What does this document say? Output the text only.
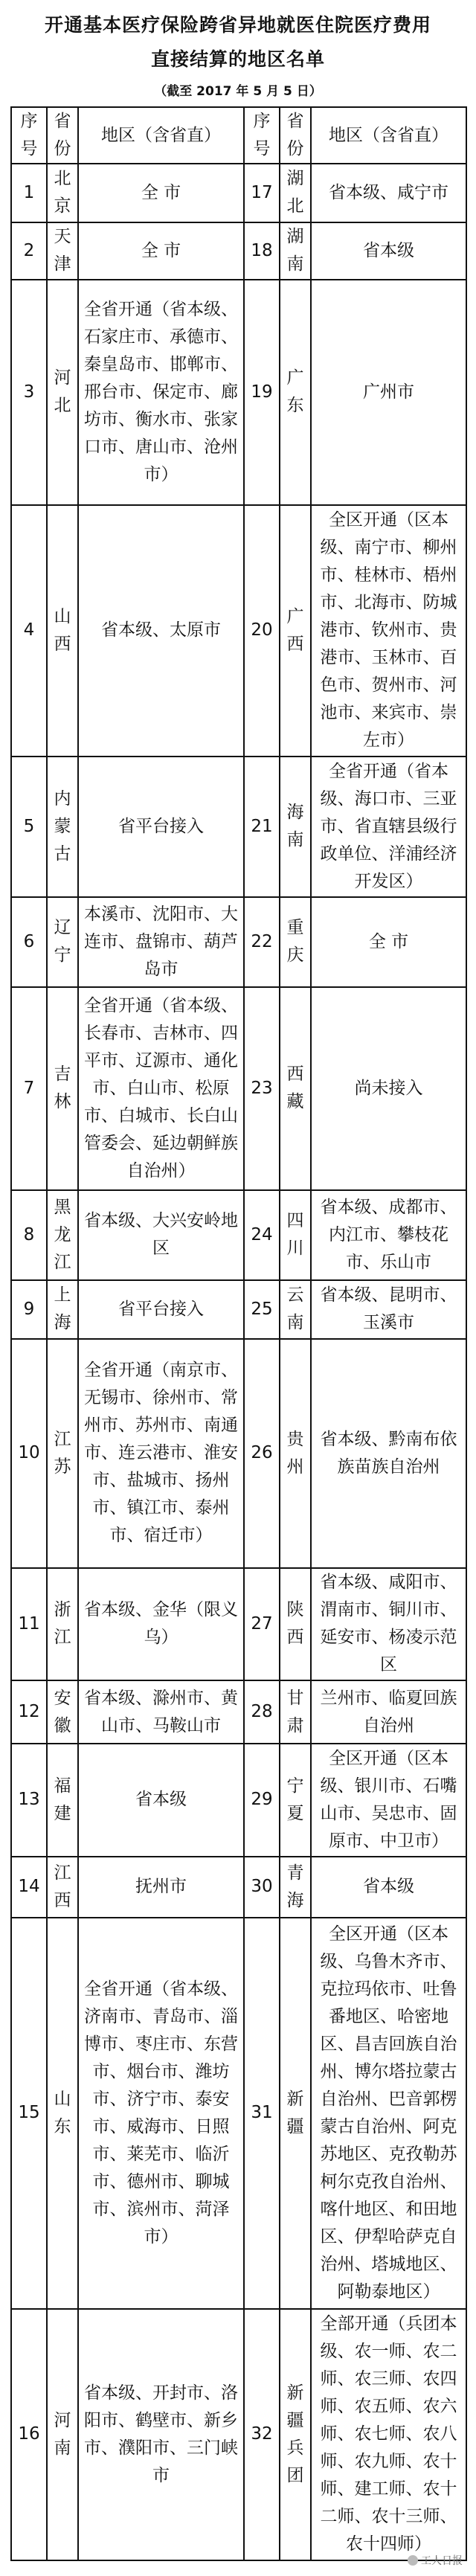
开通基本医疗保险跨省异地就医住院医疗费用
直接结算的地区名单
（截至 2017 年 5 月 5 日）
序号	省份	地区（含省直）	序号	省份	地区（含省直）
1	北京	全 市	17	湖北	省本级、咸宁市
2	天津	全 市	18	湖南	省本级
3	河北	全省开通（省本级、石家庄市、承德市、秦皇岛市、邯郸市、邢台市、保定市、廊坊市、衡水市、张家口市、唐山市、沧州市）	19	广东	广州市
4	山西	省本级、太原市	20	广西	全区开通（区本级、南宁市、柳州市、桂林市、梧州市、北海市、防城港市、钦州市、贵港市、玉林市、百色市、贺州市、河池市、来宾市、崇左市）
5	内蒙古	省平台接入	21	海南	全省开通（省本级、海口市、三亚市、省直辖县级行政单位、洋浦经济开发区）
6	辽宁	本溪市、沈阳市、大连市、盘锦市、葫芦岛市	22	重庆	全 市
7	吉林	全省开通（省本级、长春市、吉林市、四平市、辽源市、通化市、白山市、松原市、白城市、长白山管委会、延边朝鲜族自治州）	23	西藏	尚未接入
8	黑龙江	省本级、大兴安岭地区	24	四川	省本级、成都市、内江市、攀枝花市、乐山市
9	上海	省平台接入	25	云南	省本级、昆明市、玉溪市
10	江苏	全省开通（南京市、无锡市、徐州市、常州市、苏州市、南通市、连云港市、淮安市、盐城市、扬州市、镇江市、泰州市、宿迁市）	26	贵州	省本级、黔南布依族苗族自治州
11	浙江	省本级、金华（限义乌）	27	陕西	省本级、咸阳市、渭南市、铜川市、延安市、杨凌示范区
12	安徽	省本级、滁州市、黄山市、马鞍山市	28	甘肃	兰州市、临夏回族自治州
13	福建	省本级	29	宁夏	全区开通（区本级、银川市、石嘴山市、吴忠市、固原市、中卫市）
14	江西	抚州市	30	青海	省本级
15	山东	全省开通（省本级、济南市、青岛市、淄博市、枣庄市、东营市、烟台市、潍坊市、济宁市、泰安市、威海市、日照市、莱芜市、临沂市、德州市、聊城市、滨州市、菏泽市）	31	新疆	全区开通（区本级、乌鲁木齐市、克拉玛依市、吐鲁番地区、哈密地区、昌吉回族自治州、博尔塔拉蒙古自治州、巴音郭楞蒙古自治州、阿克苏地区、克孜勒苏柯尔克孜自治州、喀什地区、和田地区、伊犁哈萨克自治州、塔城地区、阿勒泰地区）
16	河南	省本级、开封市、洛阳市、鹤壁市、新乡市、濮阳市、三门峡市	32	新疆兵团	全部开通（兵团本级、农一师、农二师、农三师、农四师、农五师、农六师、农七师、农八师、农九师、农十师、建工师、农十二师、农十三师、农十四师）
工人日报
